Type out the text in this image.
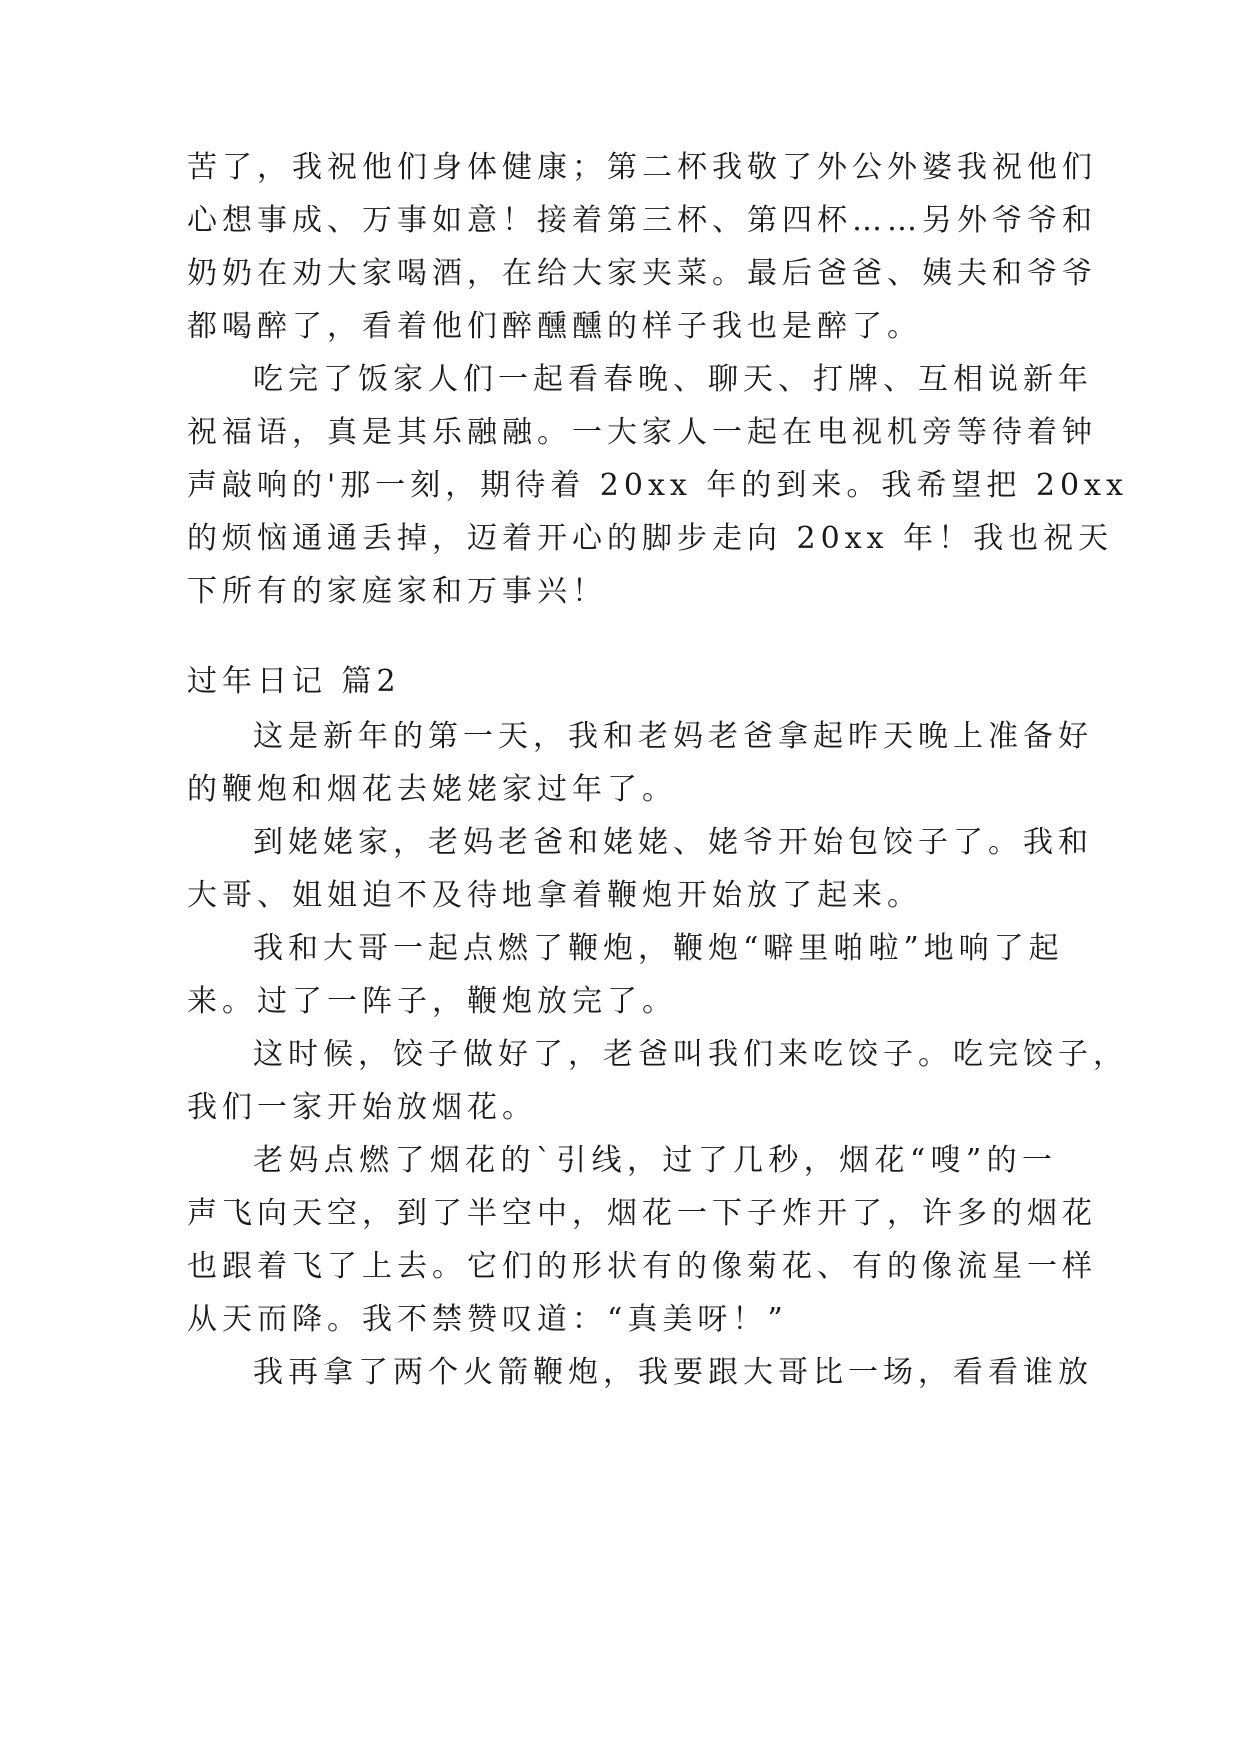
苦了，我祝他们身体健康；第二杯我敬了外公外婆我祝他们
心想事成、万事如意！接着第三杯、第四杯……另外爷爷和
奶奶在劝大家喝酒，在给大家夹菜。最后爸爸、姨夫和爷爷
都喝醉了，看着他们醉醺醺的样子我也是醉了。
吃完了饭家人们一起看春晚、聊天、打牌、互相说新年
祝福语，真是其乐融融。一大家人一起在电视机旁等待着钟
声敲响的'那一刻，期待着 20xx 年的到来。我希望把 20xx
的烦恼通通丢掉，迈着开心的脚步走向 20xx 年！我也祝天
下所有的家庭家和万事兴！
过年日记 篇2
这是新年的第一天，我和老妈老爸拿起昨天晚上准备好
的鞭炮和烟花去姥姥家过年了。
到姥姥家，老妈老爸和姥姥、姥爷开始包饺子了。我和
大哥、姐姐迫不及待地拿着鞭炮开始放了起来。
我和大哥一起点燃了鞭炮，鞭炮“噼里啪啦”地响了起
来。过了一阵子，鞭炮放完了。
这时候，饺子做好了，老爸叫我们来吃饺子。吃完饺子，
我们一家开始放烟花。
老妈点燃了烟花的`引线，过了几秒，烟花“嗖”的一
声飞向天空，到了半空中，烟花一下子炸开了，许多的烟花
也跟着飞了上去。它们的形状有的像菊花、有的像流星一样
从天而降。我不禁赞叹道：“真美呀！”
我再拿了两个火箭鞭炮，我要跟大哥比一场，看看谁放
